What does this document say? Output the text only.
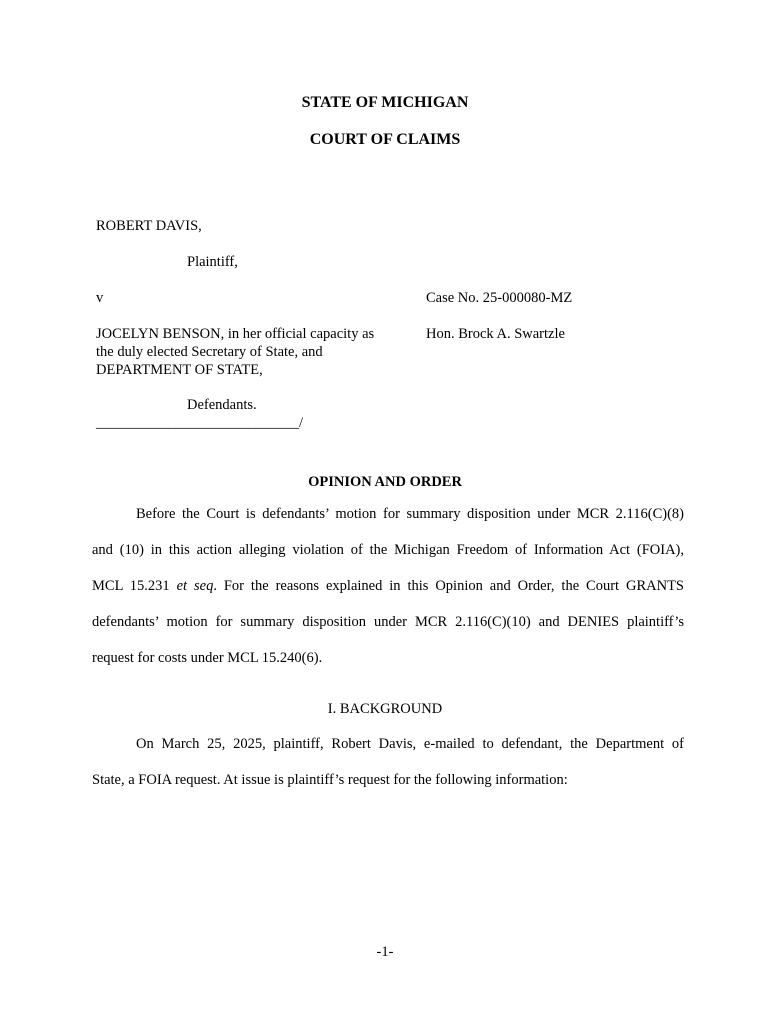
STATE OF MICHIGAN
COURT OF CLAIMS
ROBERT DAVIS,
Plaintiff,
v	Case No. 25-000080-MZ
JOCELYN BENSON, in her official capacity as
the duly elected Secretary of State, and
DEPARTMENT OF STATE,
Hon. Brock A. Swartzle
Defendants.
____________________________/
OPINION AND ORDER
Before the Court is defendants’ motion for summary disposition under MCR 2.116(C)(8)
and (10) in this action alleging violation of the Michigan Freedom of Information Act (FOIA),
MCL 15.231 et seq. For the reasons explained in this Opinion and Order, the Court GRANTS
defendants’ motion for summary disposition under MCR 2.116(C)(10) and DENIES plaintiff’s
request for costs under MCL 15.240(6).
I. BACKGROUND
On March 25, 2025, plaintiff, Robert Davis, e-mailed to defendant, the Department of
State, a FOIA request. At issue is plaintiff’s request for the following information:
-1-
